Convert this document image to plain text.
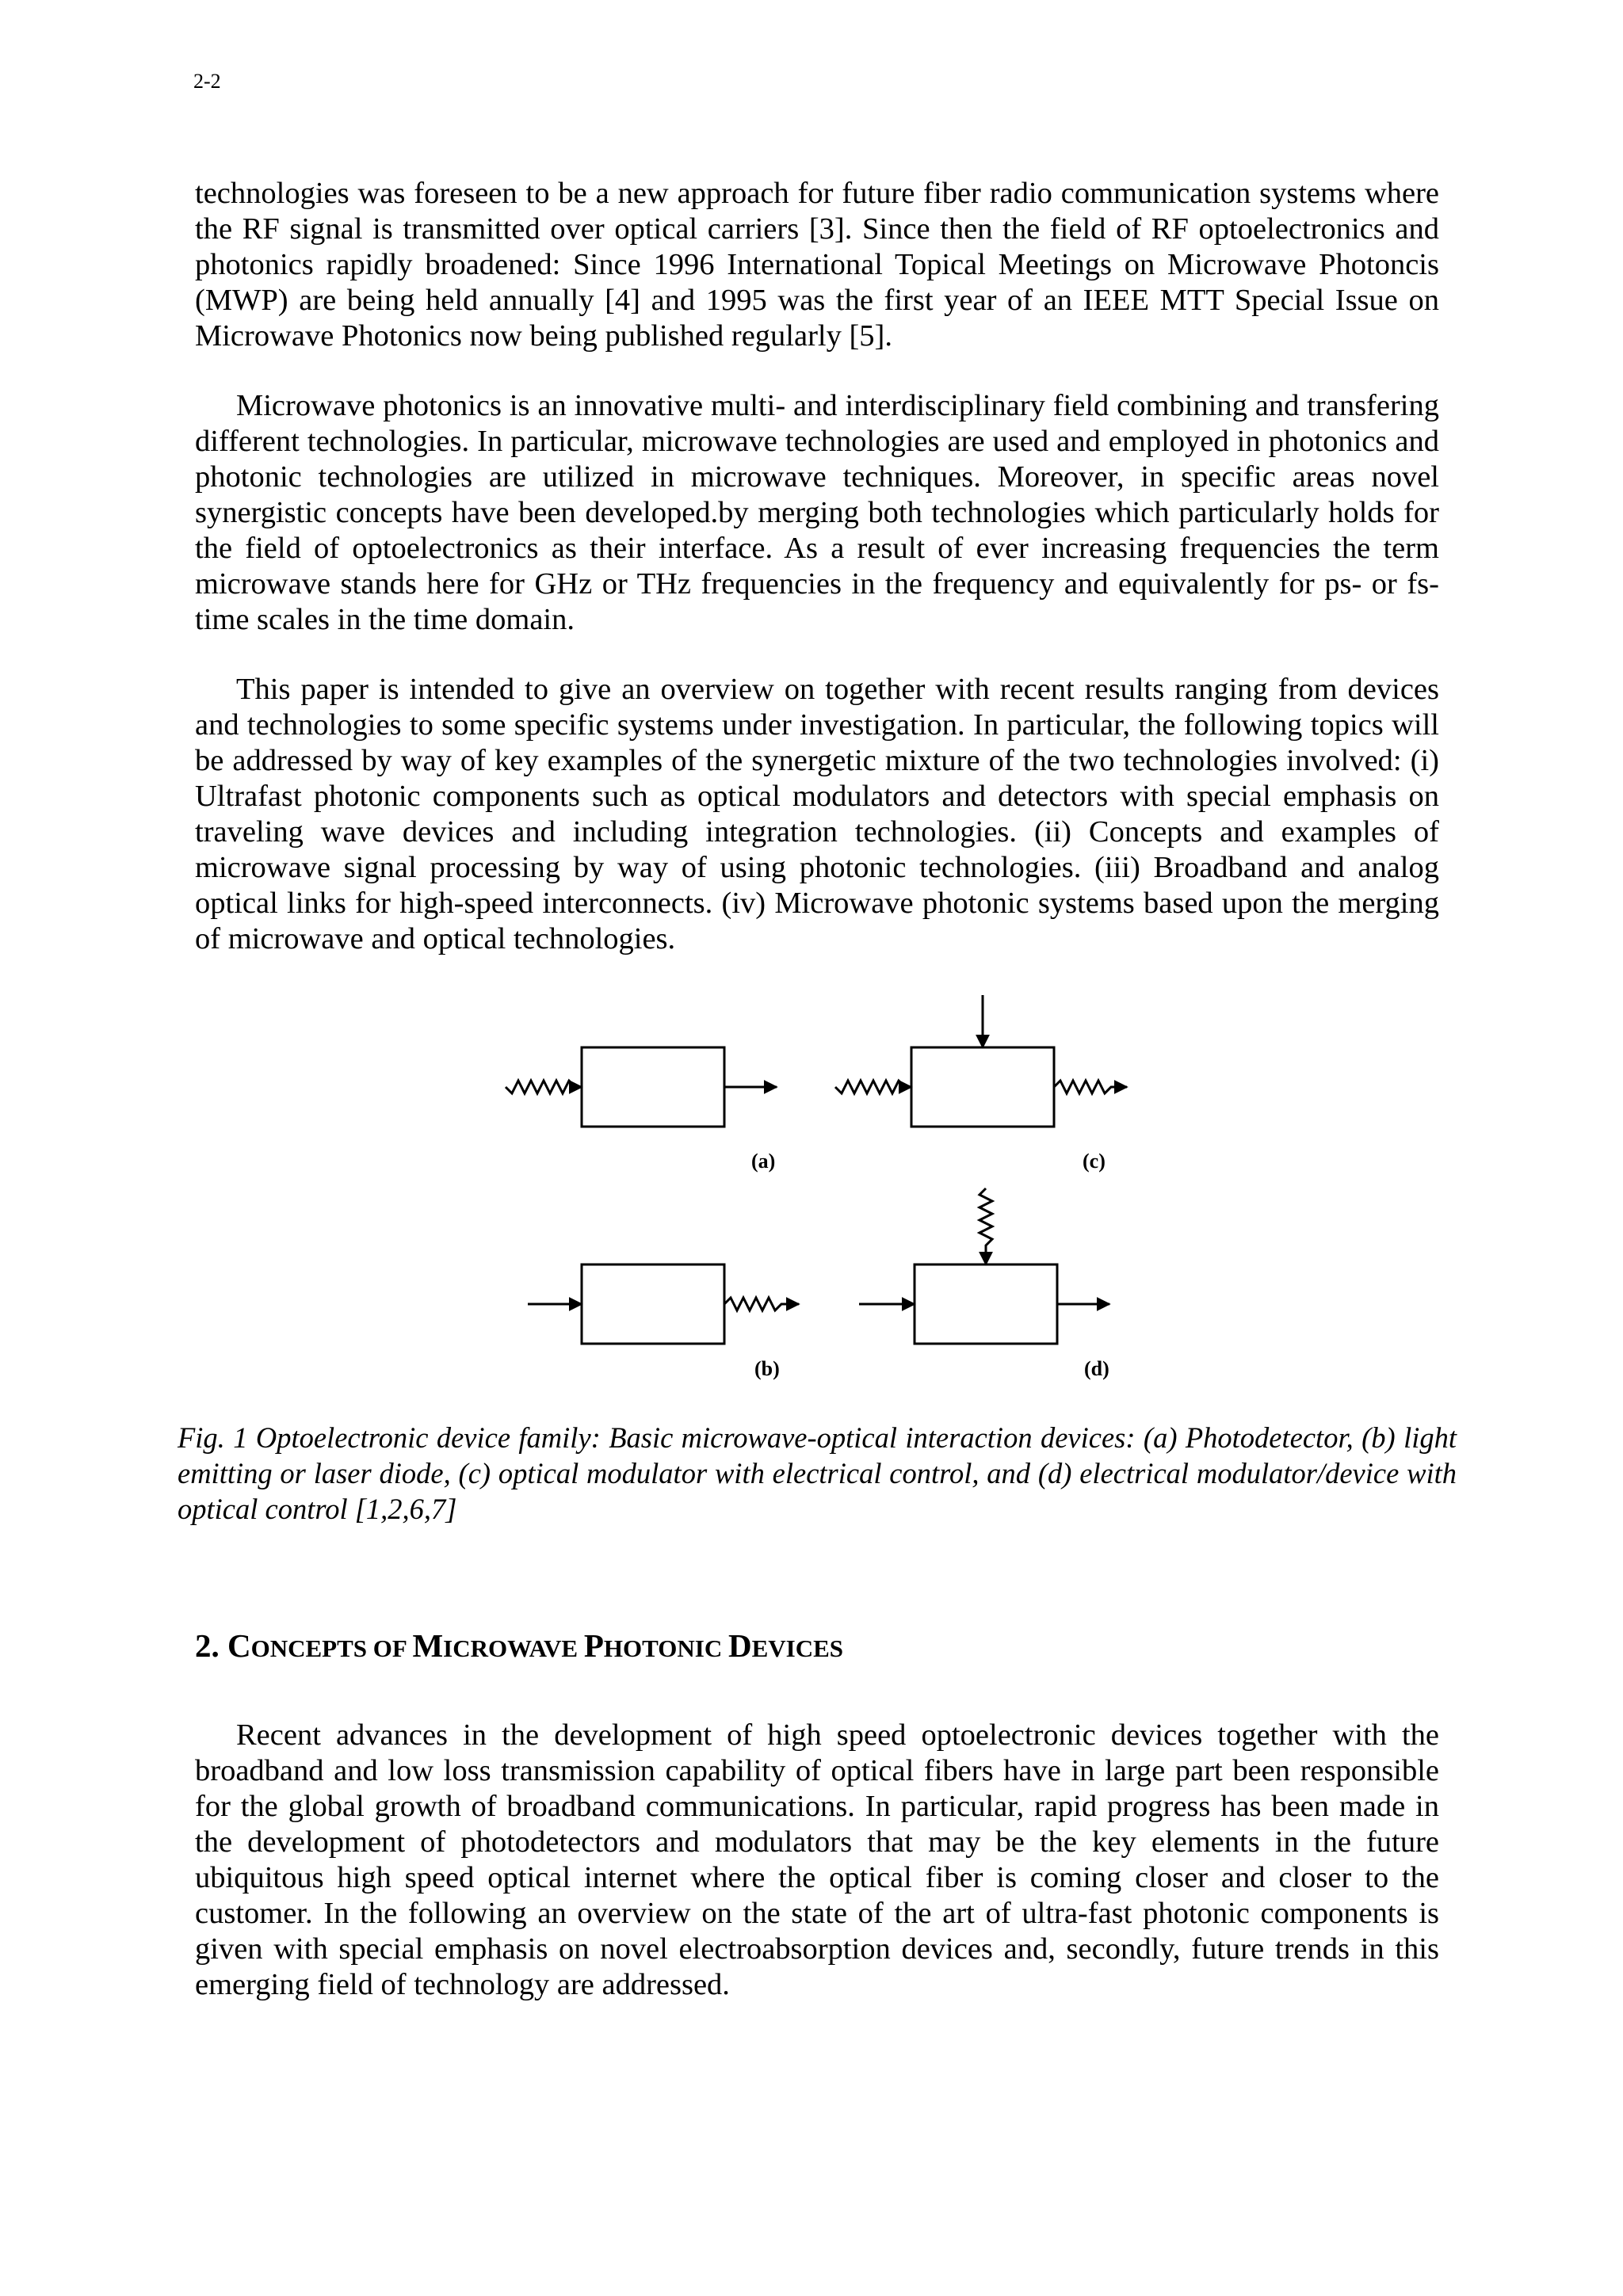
2-2

technologies was foreseen to be a new approach for future fiber radio communication systems where the RF signal is transmitted over optical carriers [3]. Since then the field of RF optoelectronics and photonics rapidly broadened: Since 1996 International Topical Meetings on Microwave Photoncis (MWP) are being held annually [4] and 1995 was the first year of an IEEE MTT Special Issue on Microwave Photonics now being published regularly [5].

Microwave photonics is an innovative multi- and interdisciplinary field combining and transfering different technologies. In particular, microwave technologies are used and employed in photonics and photonic technologies are utilized in microwave techniques. Moreover, in specific areas novel synergistic concepts have been developed.by merging both technologies which particularly holds for the field of optoelectronics as their interface. As a result of ever increasing frequencies the term microwave stands here for GHz or THz frequencies in the frequency and equivalently for ps- or fs-time scales in the time domain.

This paper is intended to give an overview on together with recent results ranging from devices and technologies to some specific systems under investigation. In particular, the following topics will be addressed by way of key examples of the synergetic mixture of the two technologies involved: (i) Ultrafast photonic components such as optical modulators and detectors with special emphasis on traveling wave devices and including integration technologies. (ii) Concepts and examples of microwave signal processing by way of using photonic technologies. (iii) Broadband and analog optical links for high-speed interconnects. (iv) Microwave photonic systems based upon the merging of microwave and optical technologies.

(a)	(c)
(b)	(d)

Fig. 1 Optoelectronic device family: Basic microwave-optical interaction devices: (a) Photodetector, (b) light emitting or laser diode, (c) optical modulator with electrical control, and (d) electrical modulator/device with optical control [1,2,6,7]

2. CONCEPTS OF MICROWAVE PHOTONIC DEVICES

Recent advances in the development of high speed optoelectronic devices together with the broadband and low loss transmission capability of optical fibers have in large part been responsible for the global growth of broadband communications. In particular, rapid progress has been made in the development of photodetectors and modulators that may be the key elements in the future ubiquitous high speed optical internet where the optical fiber is coming closer and closer to the customer. In the following an overview on the state of the art of ultra-fast photonic components is given with special emphasis on novel electroabsorption devices and, secondly, future trends in this emerging field of technology are addressed.
